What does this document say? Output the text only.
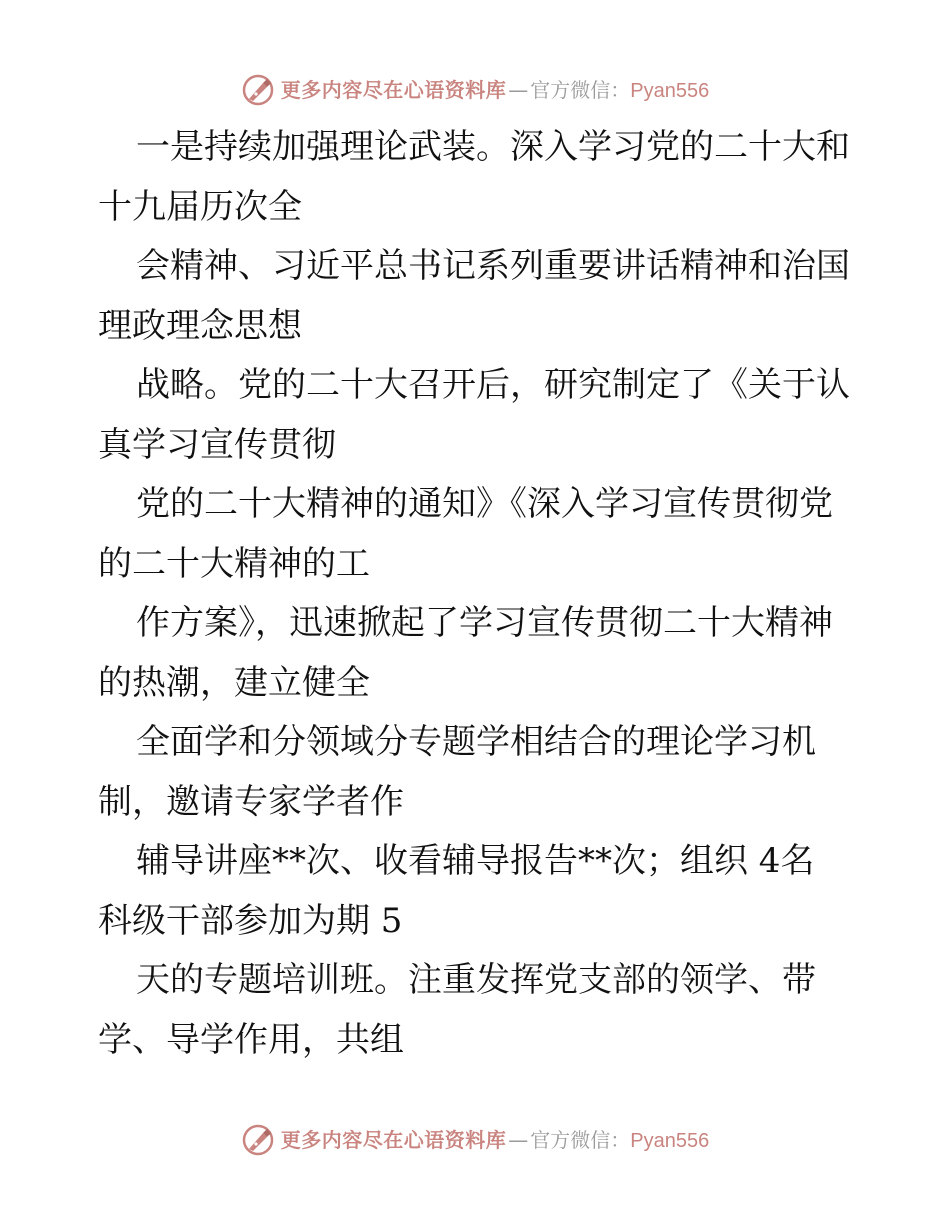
更多内容尽在心语资料库 — 官方微信： Pyan556
一是持续加强理论武装。深入学习党的二十大和
十九届历次全
会精神、习近平总书记系列重要讲话精神和治国
理政理念思想
战略。党的二十大召开后，研究制定了《关于认
真学习宣传贯彻
党的二十大精神的通知》《深入学习宣传贯彻党
的二十大精神的工
作方案》，迅速掀起了学习宣传贯彻二十大精神
的热潮，建立健全
全面学和分领域分专题学相结合的理论学习机
制，邀请专家学者作
辅导讲座**次、收看辅导报告**次；组织 4名
科级干部参加为期 5
天的专题培训班。注重发挥党支部的领学、带
学、导学作用，共组
更多内容尽在心语资料库 — 官方微信： Pyan556
